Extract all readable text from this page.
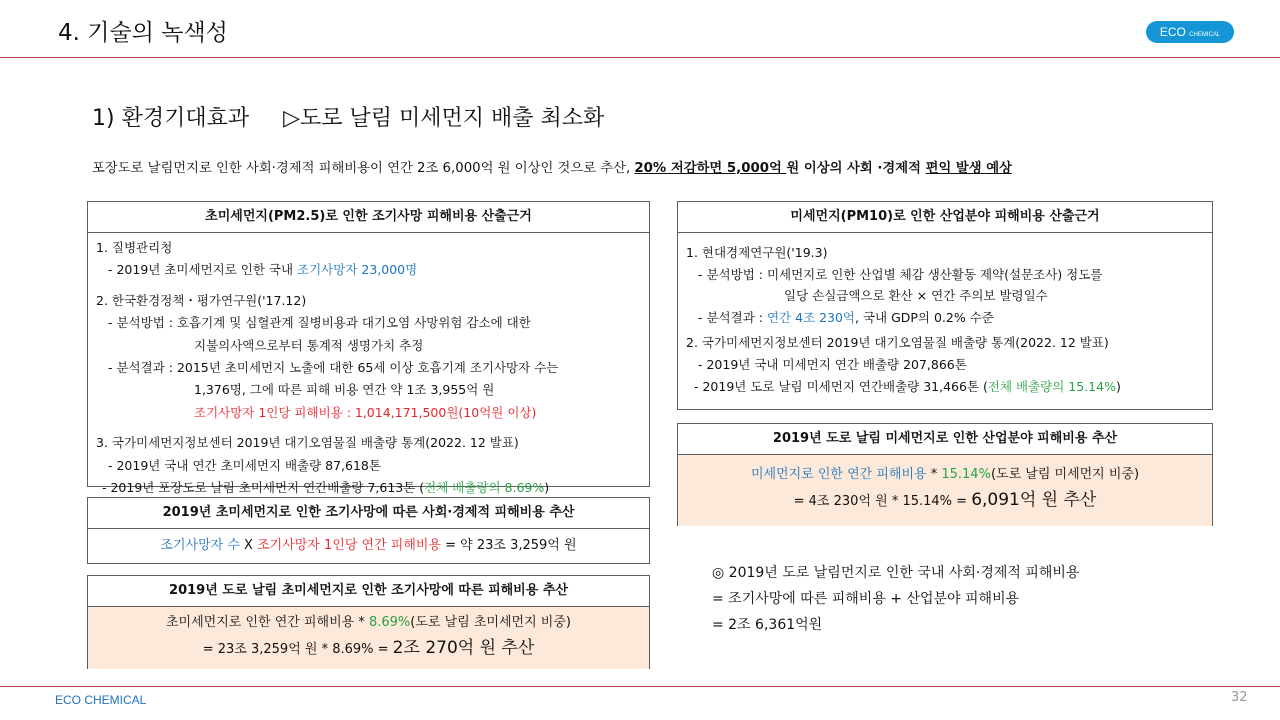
4. 기술의 녹색성	ECO CHEMICAL
1) 환경기대효과 ▷도로 날림 미세먼지 배출 최소화
포장도로 날림먼지로 인한 사회·경제적 피해비용이 연간 2조 6,000억 원 이상인 것으로 추산, 20% 저감하면 5,000억 원 이상의 사회 ·경제적 편익 발생 예상
초미세먼지(PM2.5)로 인한 조기사망 피해비용 산출근거
1. 질병관리청
- 2019년 초미세먼지로 인한 국내 조기사망자 23,000명
2. 한국환경정책・평가연구원('17.12)
- 분석방법 : 호흡기계 및 심혈관계 질병비용과 대기오염 사망위험 감소에 대한
지불의사액으로부터 통계적 생명가치 추정
- 분석결과 : 2015년 초미세먼지 노출에 대한 65세 이상 호흡기계 조기사망자 수는
1,376명, 그에 따른 피해 비용 연간 약 1조 3,955억 원
조기사망자 1인당 피해비용 : 1,014,171,500원(10억원 이상)
3. 국가미세먼지정보센터 2019년 대기오염물질 배출량 통계(2022. 12 발표)
- 2019년 국내 연간 초미세먼지 배출량 87,618톤
- 2019년 포장도로 날림 초미세먼지 연간배출량 7,613톤 (전체 배출량의 8.69%)
2019년 초미세먼지로 인한 조기사망에 따른 사회·경제적 피해비용 추산
조기사망자 수 X 조기사망자 1인당 연간 피해비용 = 약 23조 3,259억 원
2019년 도로 날림 초미세먼지로 인한 조기사망에 따른 피해비용 추산
초미세먼지로 인한 연간 피해비용 * 8.69%(도로 날림 초미세먼지 비중)
= 23조 3,259억 원 * 8.69% = 2조 270억 원 추산
미세먼지(PM10)로 인한 산업분야 피해비용 산출근거
1. 현대경제연구원('19.3)
- 분석방법 : 미세먼지로 인한 산업별 체감 생산활동 제약(설문조사) 정도를
일당 손실금액으로 환산 × 연간 주의보 발령일수
- 분석결과 : 연간 4조 230억, 국내 GDP의 0.2% 수준
2. 국가미세먼지정보센터 2019년 대기오염물질 배출량 통계(2022. 12 발표)
- 2019년 국내 미세먼지 연간 배출량 207,866톤
- 2019년 도로 날림 미세먼지 연간배출량 31,466톤 (전체 배출량의 15.14%)
2019년 도로 날림 미세먼지로 인한 산업분야 피해비용 추산
미세먼지로 인한 연간 피해비용 * 15.14%(도로 날림 미세먼지 비중)
= 4조 230억 원 * 15.14% = 6,091억 원 추산
◎ 2019년 도로 날림먼지로 인한 국내 사회·경제적 피해비용
= 조기사망에 따른 피해비용 + 산업분야 피해비용
= 2조 6,361억원
ECO CHEMICAL	32
